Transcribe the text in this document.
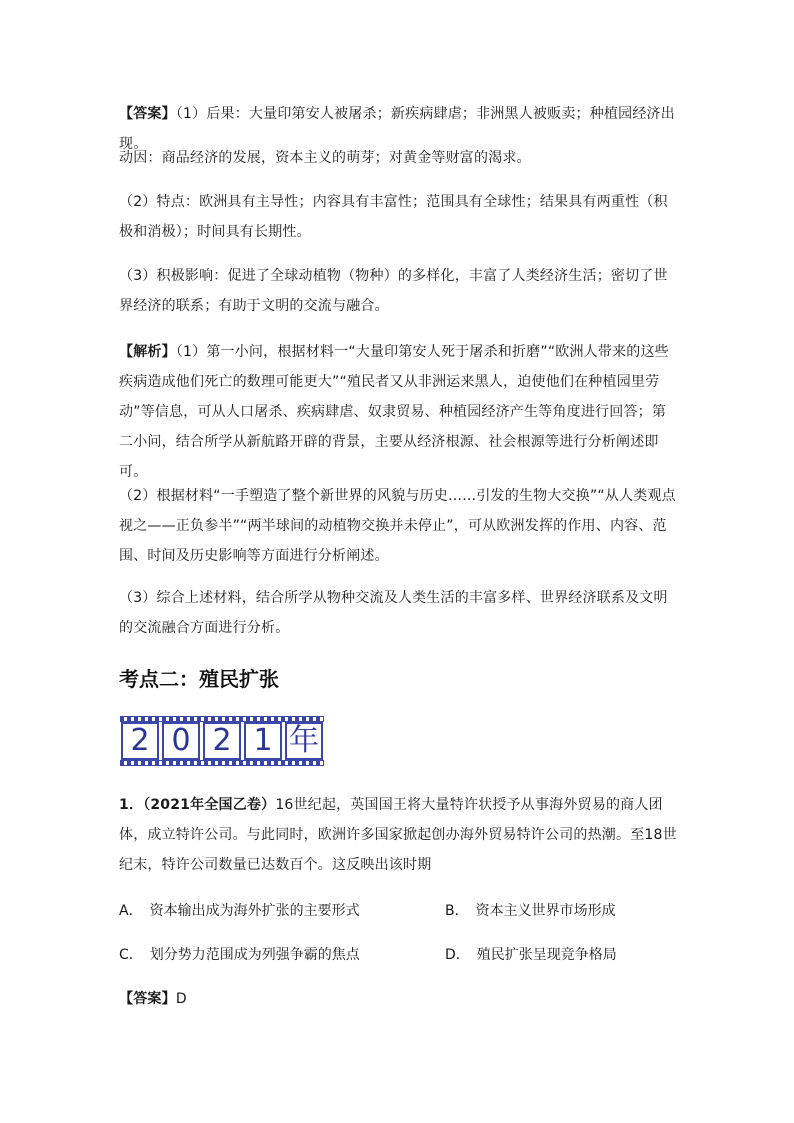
【答案】（1）后果：大量印第安人被屠杀；新疾病肆虐；非洲黑人被贩卖；种植园经济出现。

动因：商品经济的发展，资本主义的萌芽；对黄金等财富的渴求。

（2）特点：欧洲具有主导性；内容具有丰富性；范围具有全球性；结果具有两重性（积极和消极）；时间具有长期性。

（3）积极影响：促进了全球动植物（物种）的多样化，丰富了人类经济生活；密切了世界经济的联系；有助于文明的交流与融合。

【解析】（1）第一小问，根据材料一“大量印第安人死于屠杀和折磨”“欧洲人带来的这些疾病造成他们死亡的数理可能更大”“殖民者又从非洲运来黑人，迫使他们在种植园里劳动”等信息，可从人口屠杀、疾病肆虐、奴隶贸易、种植园经济产生等角度进行回答；第二小问，结合所学从新航路开辟的背景，主要从经济根源、社会根源等进行分析阐述即可。

（2）根据材料“一手塑造了整个新世界的风貌与历史……引发的生物大交换”“从人类观点视之——正负参半”“两半球间的动植物交换并未停止”，可从欧洲发挥的作用、内容、范围、时间及历史影响等方面进行分析阐述。

（3）综合上述材料，结合所学从物种交流及人类生活的丰富多样、世界经济联系及文明的交流融合方面进行分析。

考点二：殖民扩张
2 0 2 1 年

1．（2021年全国乙卷）16世纪起，英国国王将大量特许状授予从事海外贸易的商人团体，成立特许公司。与此同时，欧洲许多国家掀起创办海外贸易特许公司的热潮。至18世纪末，特许公司数量已达数百个。这反映出该时期

A．　资本输出成为海外扩张的主要形式	B．　资本主义世界市场形成
C．　划分势力范围成为列强争霸的焦点	D．　殖民扩张呈现竞争格局

【答案】D
